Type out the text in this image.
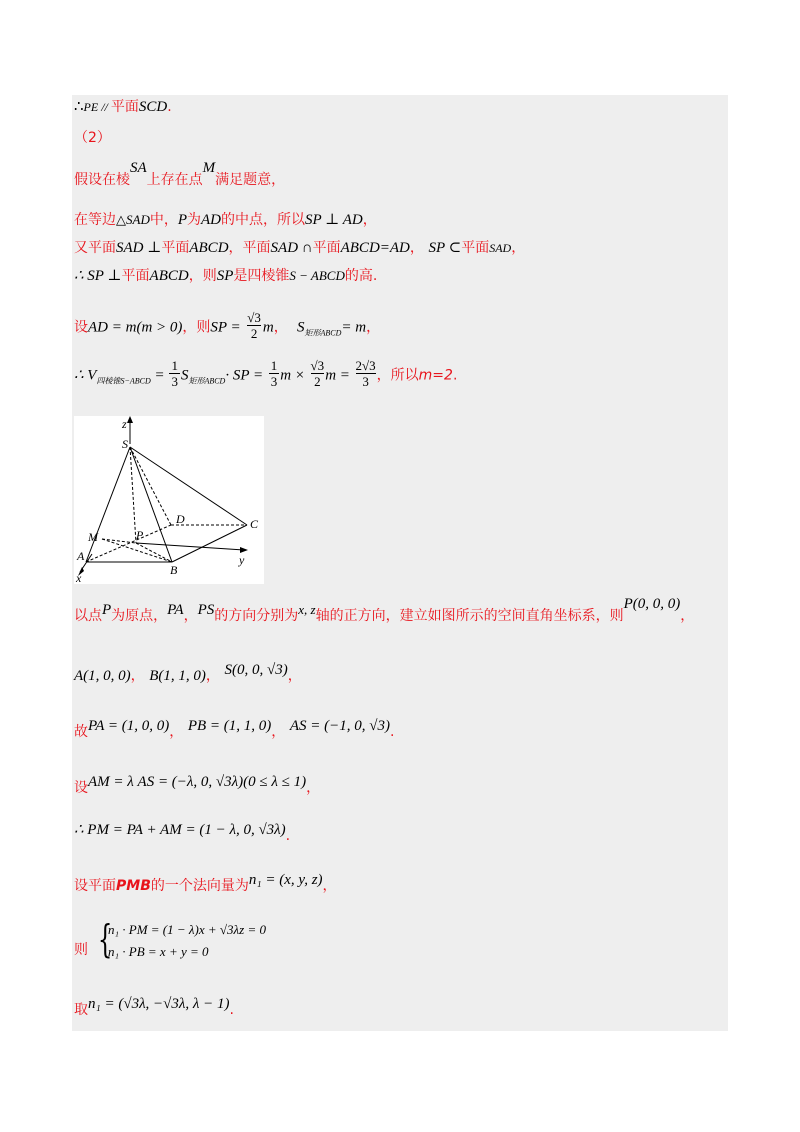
∴PE // 平面SCD.
（2）
假设在棱SA上存在点M满足题意，
在等边△SAD中，P为AD的中点，所以SP ⊥ AD，
又平面SAD ⊥平面ABCD，平面SAD ∩平面ABCD=AD， SP ⊂平面SAD，
∴ SP ⊥平面ABCD，则SP是四棱锥S − ABCD的高.
设AD = m(m > 0)，则SP = $\frac{√3}{2}$ m， $S_{矩形ABCD}= m$，
∴ $V_{四棱锥S-ABCD} = \frac{1}{3} S_{矩形ABCD}\cdot$ SP = $\frac{1}{3}$ $m \times \frac{√3}{2}$ $m = \frac{2√3}{3}$ ，所以m=2.
z
S
D	C
M	P
A
B
x
y
以点P为原点，PA，PS的方向分别为x, z轴的正方向，建立如图所示的空间直角坐标系，则P(0, 0, 0)，
A(1, 0, 0)， B(1, 1, 0)， S(0, 0, √3)，
故PA = (1, 0, 0)， PB = (1, 1, 0)， AS = (−1, 0, √3).
设AM = λ AS = (−λ, 0, √3λ)(0 ≤ λ ≤ 1)，
∴ PM = PA + AM = (1 − λ, 0, √3λ).
设平面PMB的一个法向量为n₁ = (x, y, z)，
则 {
n₁ · PM = (1 − λ)x + √3λz = 0
n₁ · PB = x + y = 0
取n₁ = (√3λ, −√3λ, λ − 1).
